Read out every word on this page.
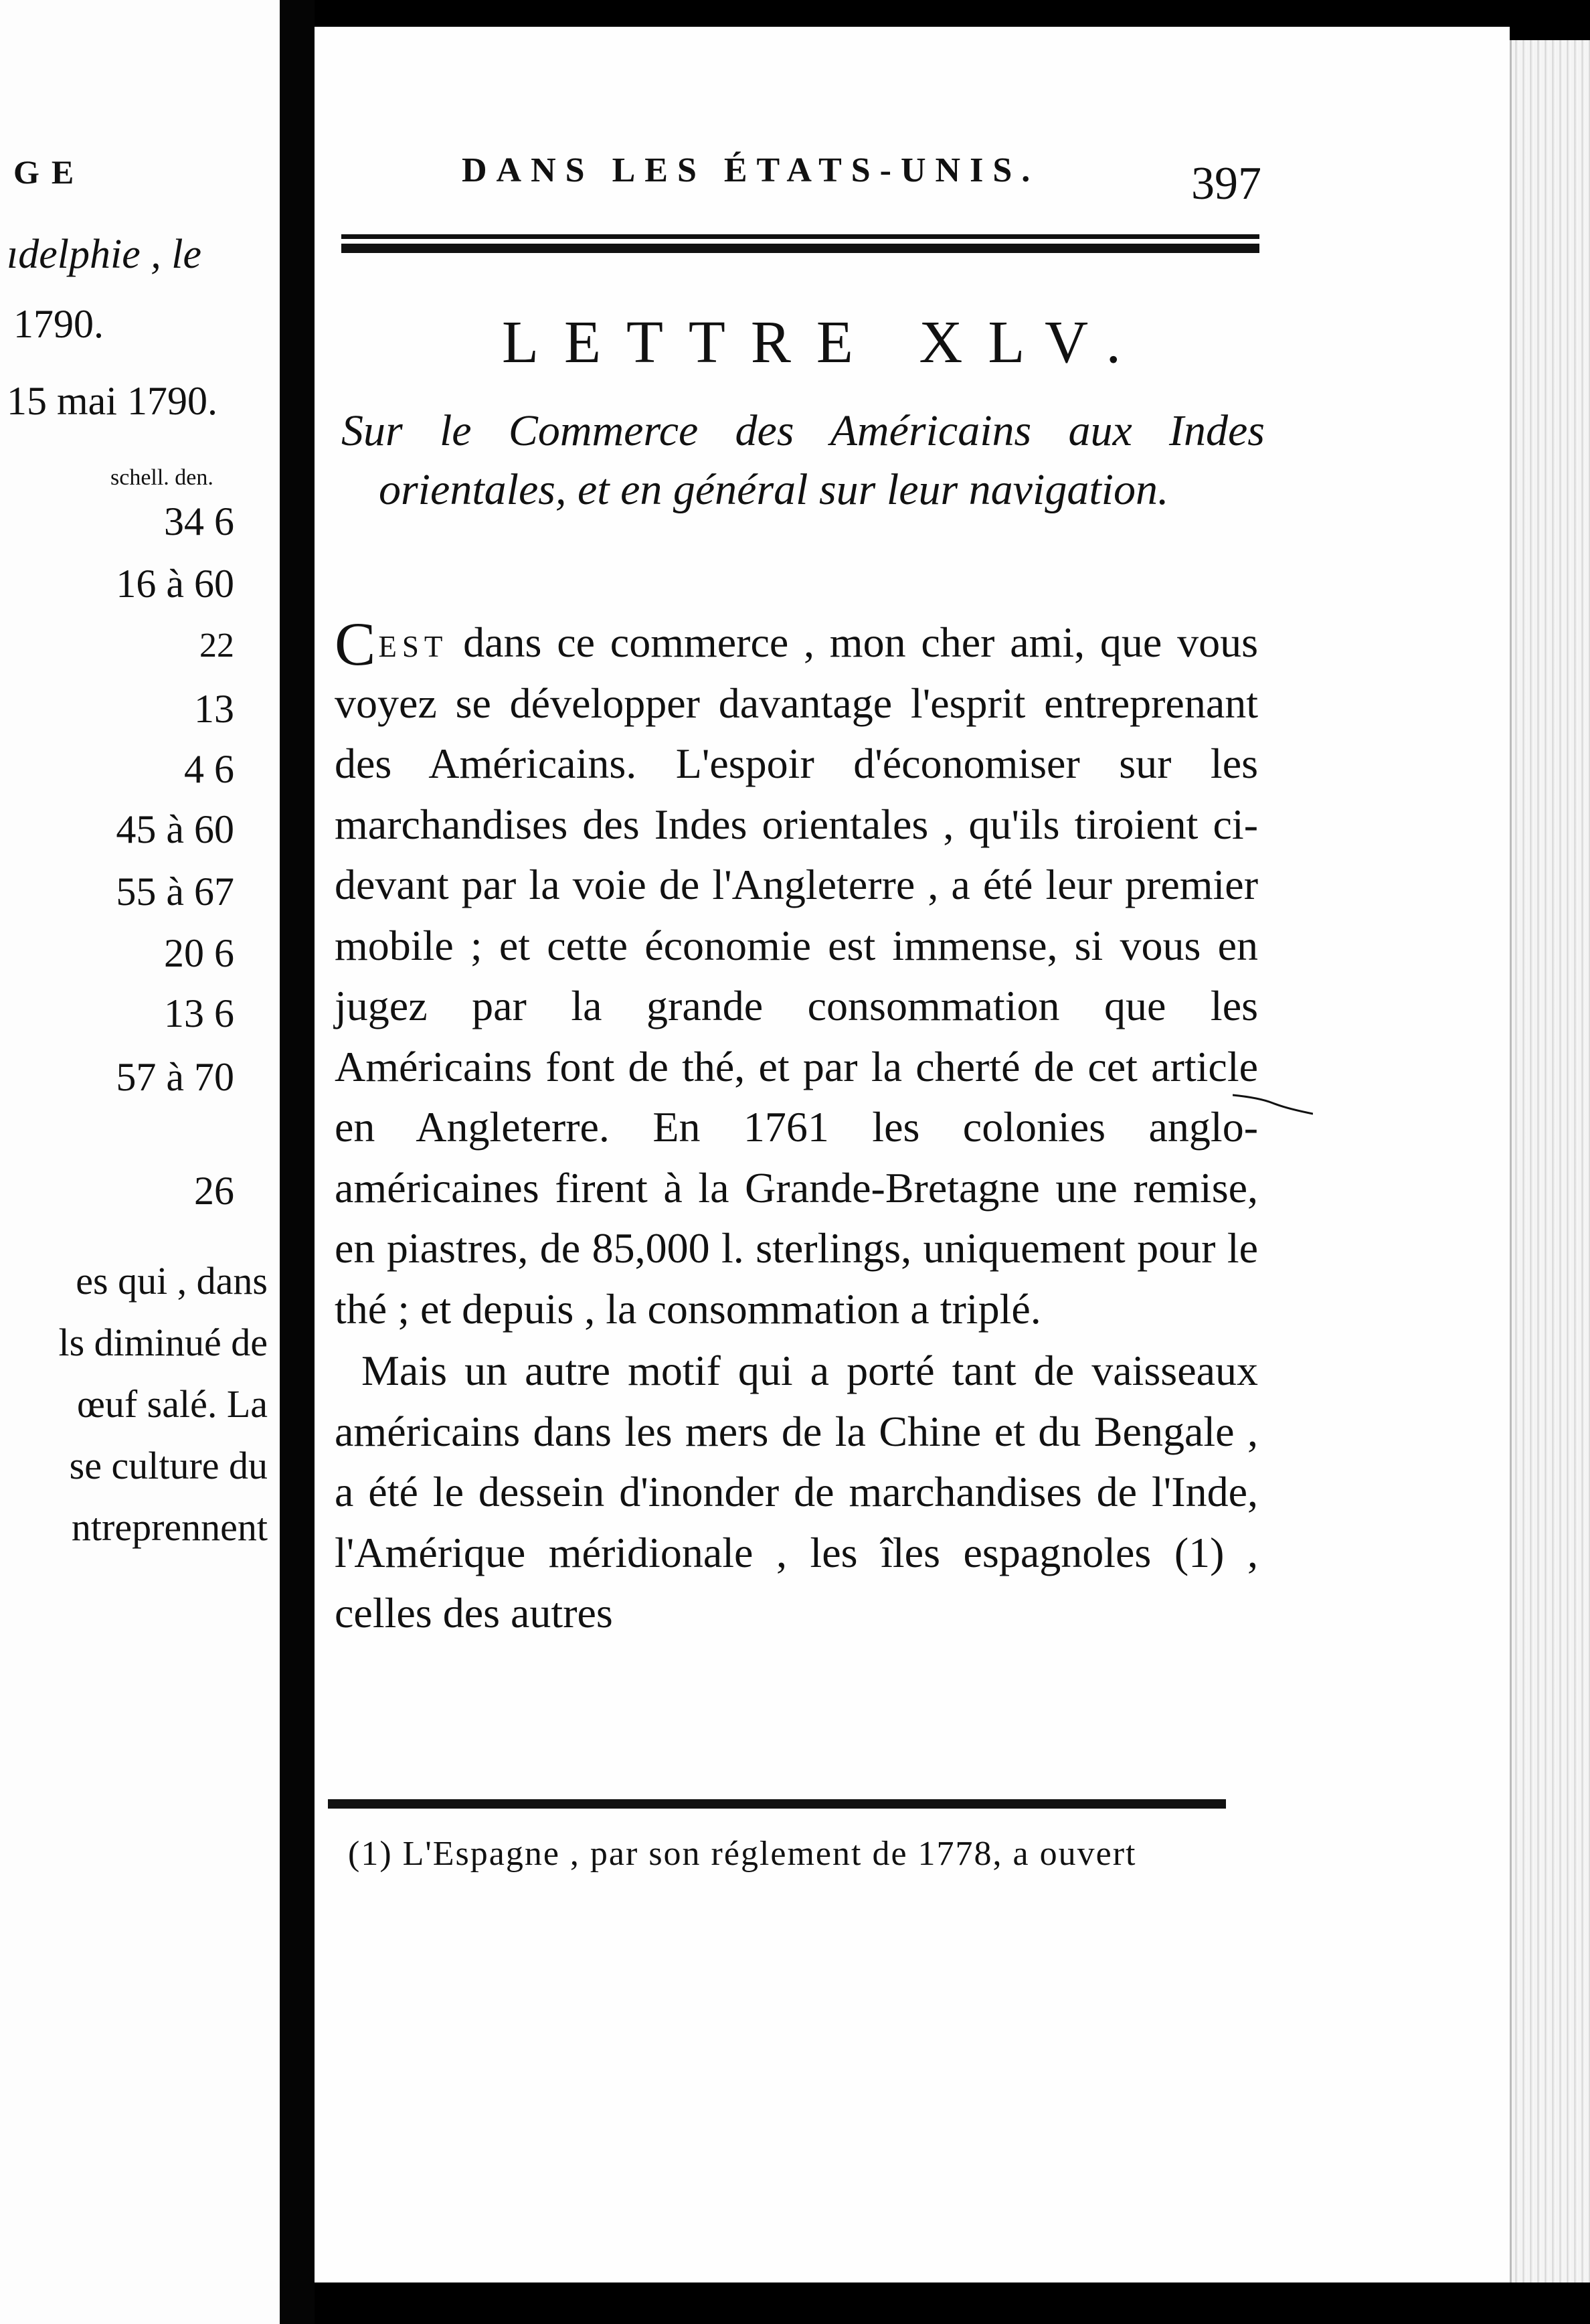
GE
ıdelphie , le
1790.
15 mai 1790.
schell. den.
34 6
16 à 60
22
13
4 6
45 à 60
55 à 67
20 6
13 6
57 à 70
26
es qui , dans
ls diminué de
œuf salé. La
se culture du
ntreprennent
DANS LES ÉTATS-UNIS.	397
LETTRE XLV.
Sur le Commerce des Américains aux Indes orientales, et en général sur leur navigation.

C est dans ce commerce , mon cher ami, que vous voyez se développer davantage l'esprit entreprenant des Américains. L'espoir d'économiser sur les marchandises des Indes orientales , qu'ils tiroient ci-devant par la voie de l'Angleterre , a été leur premier mobile ; et cette économie est immense, si vous en jugez par la grande consommation que les Américains font de thé, et par la cherté de cet article en Angleterre. En 1761 les colonies anglo-américaines firent à la Grande-Bretagne une remise, en piastres, de 85,000 l. sterlings, uniquement pour le thé ; et depuis , la consommation a triplé.

Mais un autre motif qui a porté tant de vaisseaux américains dans les mers de la Chine et du Bengale , a été le dessein d'inonder de marchandises de l'Inde, l'Amérique méridionale , les îles espagnoles (1) , celles des autres

(1) L'Espagne , par son réglement de 1778, a ouvert
